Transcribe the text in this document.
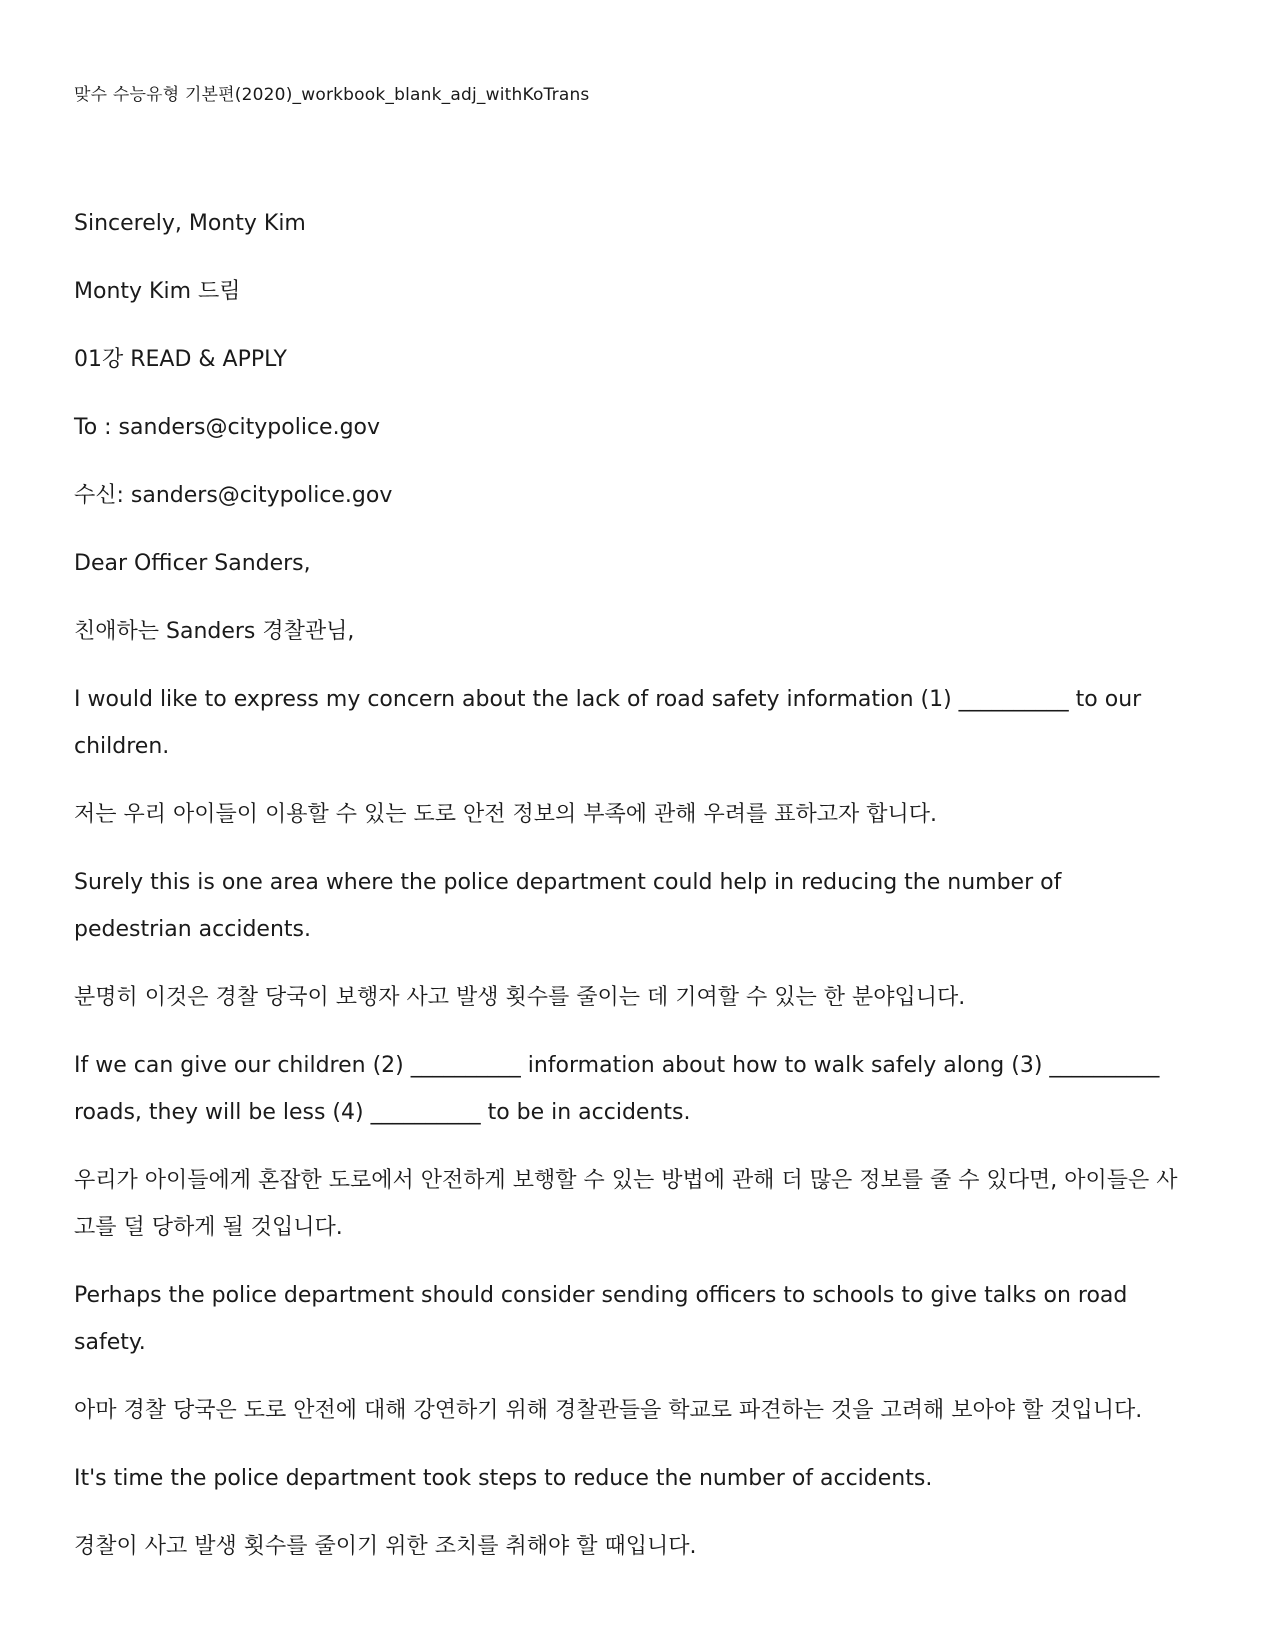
맞수 수능유형 기본편(2020)_workbook_blank_adj_withKoTrans

Sincerely, Monty Kim

Monty Kim 드림

01강 READ & APPLY

To : sanders@citypolice.gov

수신: sanders@citypolice.gov

Dear Officer Sanders,

친애하는 Sanders 경찰관님,

I would like to express my concern about the lack of road safety information (1) __________ to our children.

저는 우리 아이들이 이용할 수 있는 도로 안전 정보의 부족에 관해 우려를 표하고자 합니다.

Surely this is one area where the police department could help in reducing the number of pedestrian accidents.

분명히 이것은 경찰 당국이 보행자 사고 발생 횟수를 줄이는 데 기여할 수 있는 한 분야입니다.

If we can give our children (2) __________ information about how to walk safely along (3) __________ roads, they will be less (4) __________ to be in accidents.

우리가 아이들에게 혼잡한 도로에서 안전하게 보행할 수 있는 방법에 관해 더 많은 정보를 줄 수 있다면, 아이들은 사고를 덜 당하게 될 것입니다.

Perhaps the police department should consider sending officers to schools to give talks on road safety.

아마 경찰 당국은 도로 안전에 대해 강연하기 위해 경찰관들을 학교로 파견하는 것을 고려해 보아야 할 것입니다.

It's time the police department took steps to reduce the number of accidents.

경찰이 사고 발생 횟수를 줄이기 위한 조치를 취해야 할 때입니다.
